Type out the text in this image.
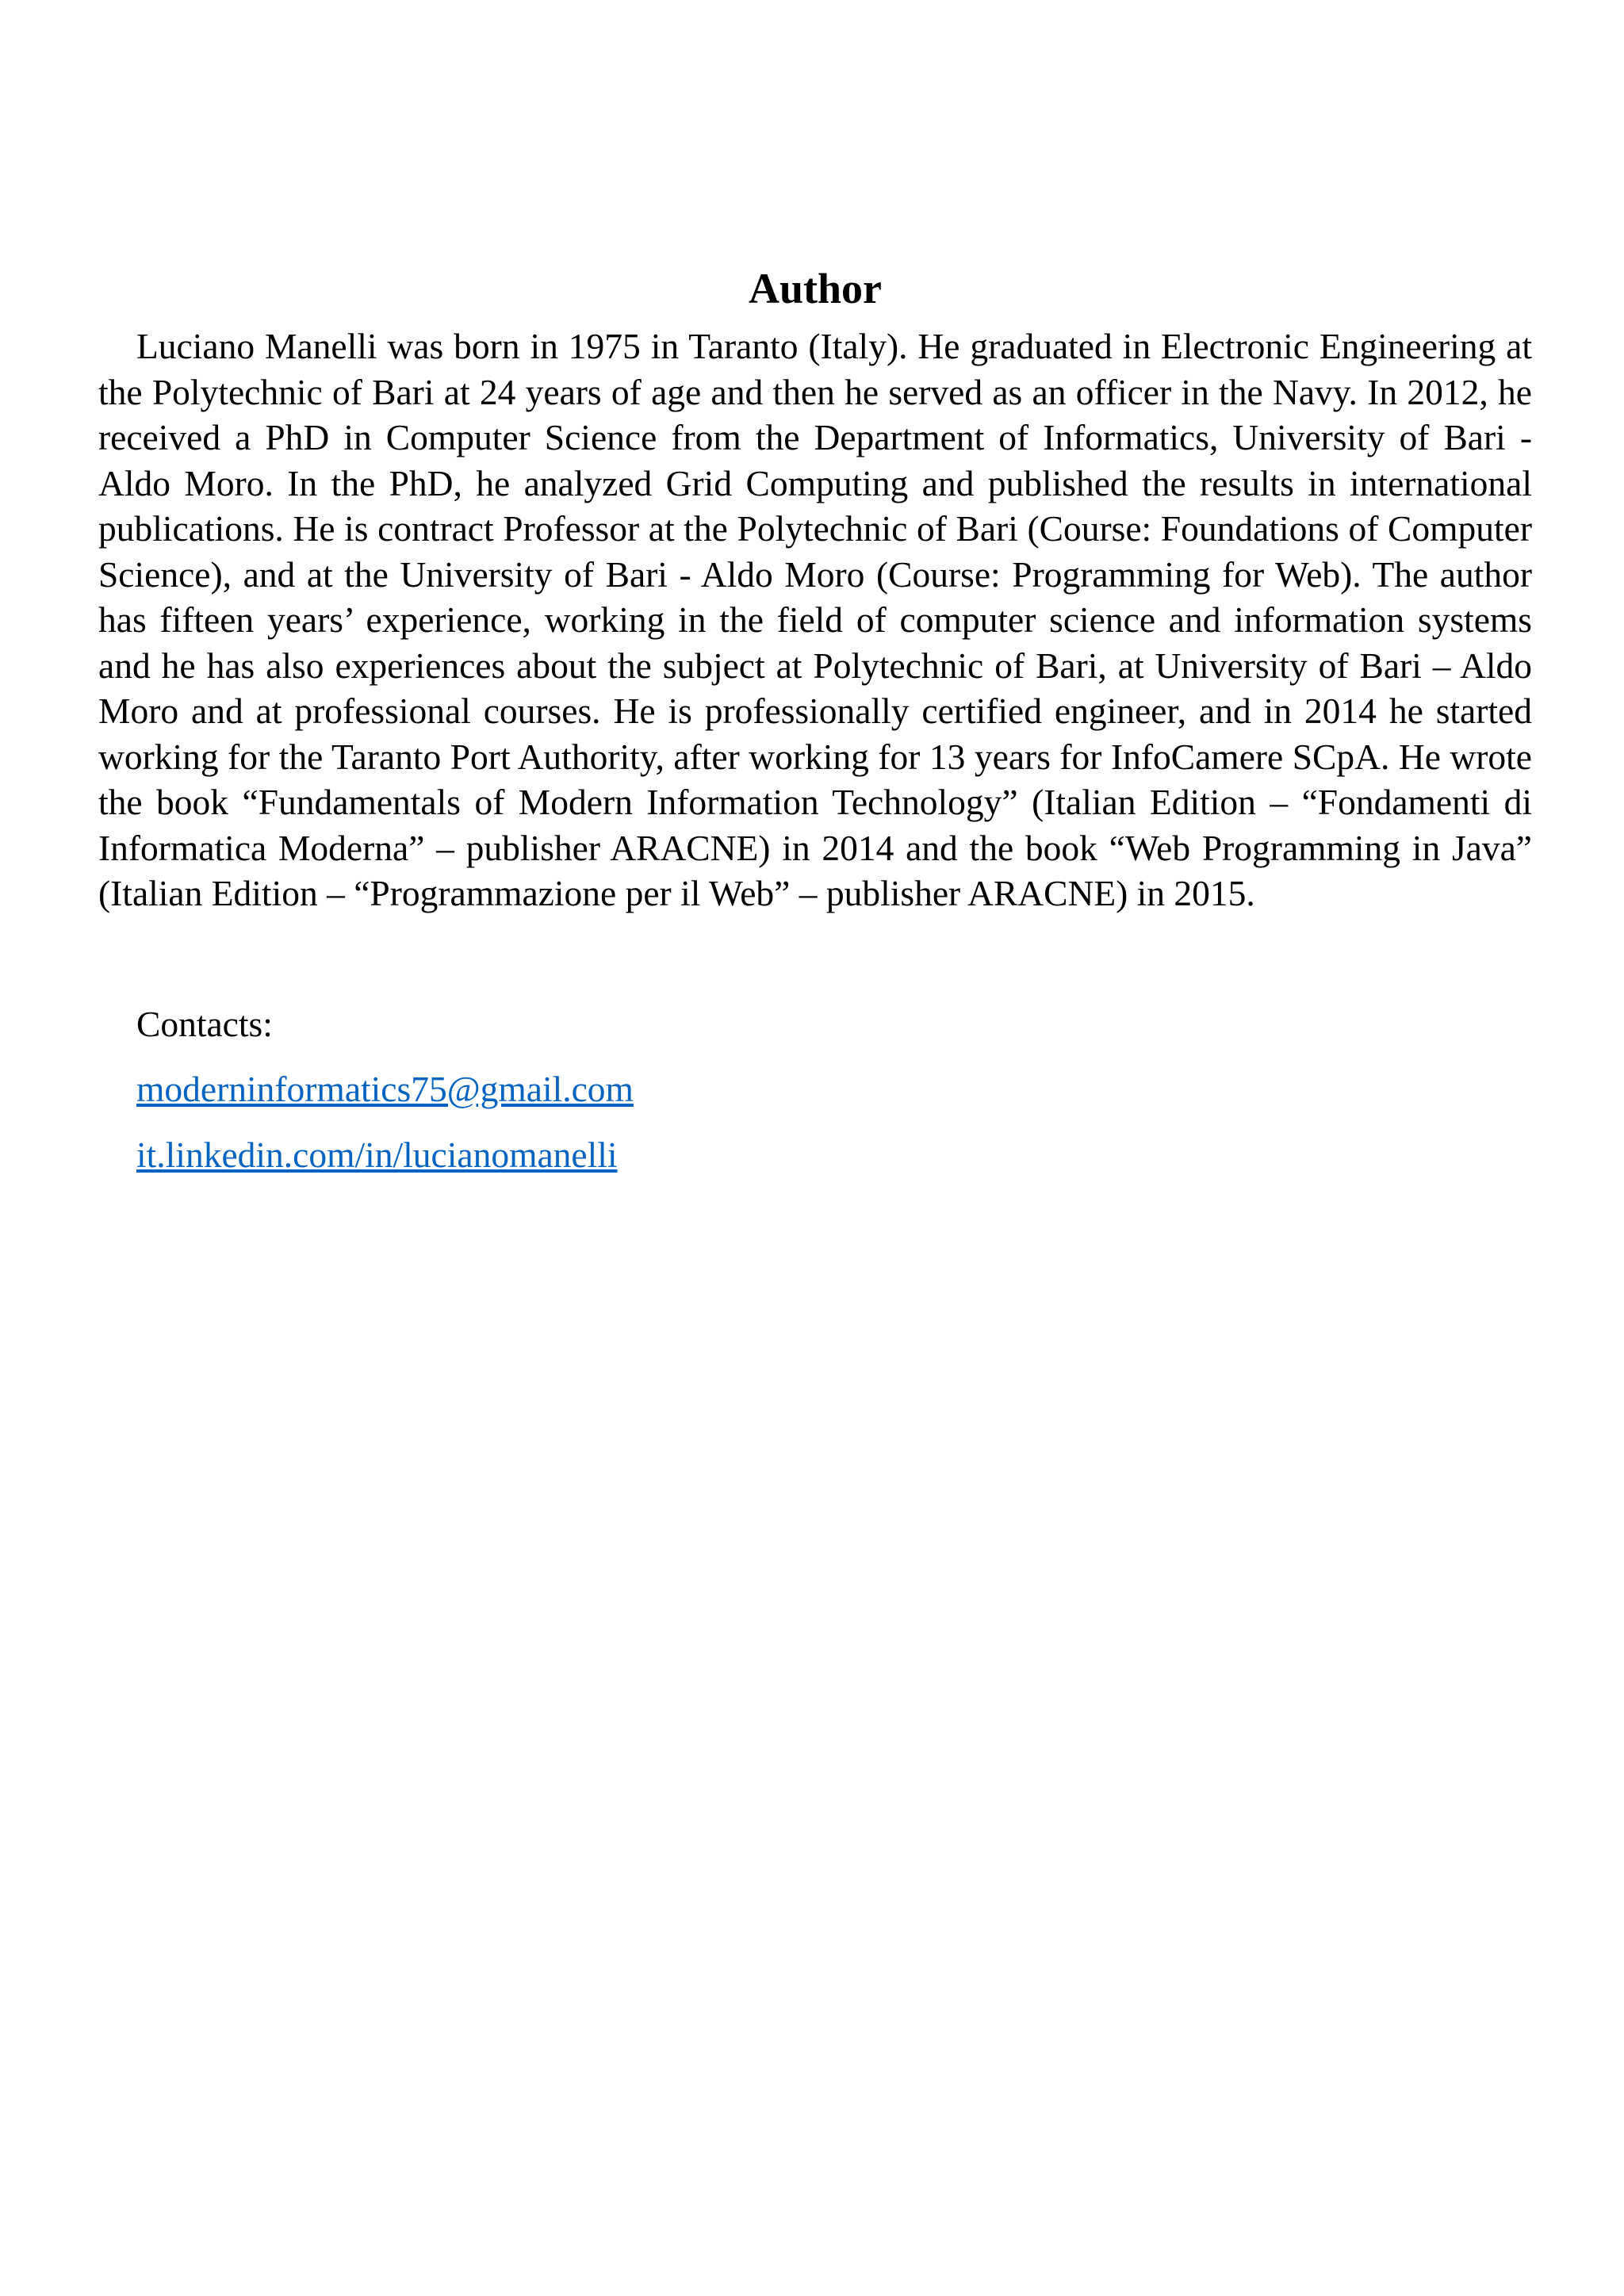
Author

Luciano Manelli was born in 1975 in Taranto (Italy). He graduated in Electronic Engineering at the Polytechnic of Bari at 24 years of age and then he served as an officer in the Navy. In 2012, he received a PhD in Computer Science from the Department of Informatics, University of Bari - Aldo Moro. In the PhD, he analyzed Grid Computing and published the results in international publications. He is contract Professor at the Polytechnic of Bari (Course: Foundations of Computer Science), and at the University of Bari - Aldo Moro (Course: Programming for Web). The author has fifteen years’ experience, working in the field of computer science and information systems and he has also experiences about the subject at Polytechnic of Bari, at University of Bari – Aldo Moro and at professional courses. He is professionally certified engineer, and in 2014 he started working for the Taranto Port Authority, after working for 13 years for InfoCamere SCpA. He wrote the book “Fundamentals of Modern Information Technology” (Italian Edition – “Fondamenti di Informatica Moderna” – publisher ARACNE) in 2014 and the book “Web Programming in Java” (Italian Edition – “Programmazione per il Web” – publisher ARACNE) in 2015.

Contacts:
moderninformatics75@gmail.com
it.linkedin.com/in/lucianomanelli
